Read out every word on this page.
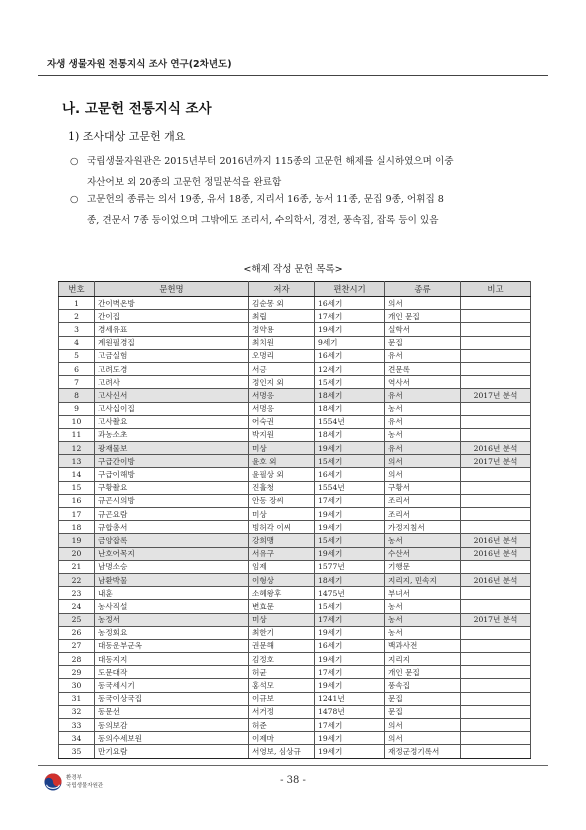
자생 생물자원 전통지식 조사 연구(2차년도)
나. 고문헌 전통지식 조사
1) 조사대상 고문헌 개요
○ 국립생물자원관은 2015년부터 2016년까지 115종의 고문헌 해제를 실시하였으며 이중
자산어보 외 20종의 고문헌 정밀분석을 완료함
○ 고문헌의 종류는 의서 19종, 유서 18종, 지리서 16종, 농서 11종, 문집 9종, 어휘집 8
종, 견문서 7종 등이었으며 그밖에도 조리서, 수의학서, 경전, 풍속집, 잡록 등이 있음
<해제 작성 문헌 목록>
번호	문헌명	저자	편찬시기	종류	비고
1	간이벽온방	김순몽 외	16세기	의서	
2	간이집	최립	17세기	개인 문집	
3	경세유표	정약용	19세기	실학서	
4	계원필경집	최치원	9세기	문집	
5	고금실험	오명리	16세기	유서	
6	고려도경	서긍	12세기	견문록	
7	고려사	정인지 외	15세기	역사서	
8	고사신서	서명응	18세기	유서	2017년 분석
9	고사십이집	서명응	18세기	농서	
10	고사촬요	어숙권	1554년	유서	
11	과농소초	박지원	18세기	농서	
12	광재물보	미상	19세기	유서	2016년 분석
13	구급간이방	윤호 외	15세기	의서	2017년 분석
14	구급이해방	윤필상 외	16세기	의서	
15	구황촬요	진휼청	1554년	구황서	
16	규곤시의방	안동 장씨	17세기	조리서	
17	규곤요람	미상	19세기	조리서	
18	규합총서	빙허각 이씨	19세기	가정지침서	
19	금양잡록	강희맹	15세기	농서	2016년 분석
20	난호어목지	서유구	19세기	수산서	2016년 분석
21	남명소승	임제	1577년	기행문	
22	남환박물	이형상	18세기	지리지, 민속지	2016년 분석
23	내훈	소혜왕후	1475년	부녀서	
24	농사직설	변효문	15세기	농서	
25	농정서	미상	17세기	농서	2017년 분석
26	농정회요	최한기	19세기	농서	
27	대동운부군옥	권문해	16세기	백과사전	
28	대동지지	김정호	19세기	지리지	
29	도문대작	허균	17세기	개인 문집	
30	동국세시기	홍석모	19세기	풍속집	
31	동국이상국집	이규보	1241년	문집	
32	동문선	서거정	1478년	문집	
33	동의보감	허준	17세기	의서	
34	동의수세보원	이제마	19세기	의서	
35	만기요람	서영보, 심상규	19세기	재정군정기록서	
환경부
국립생물자원관	- 38 -
